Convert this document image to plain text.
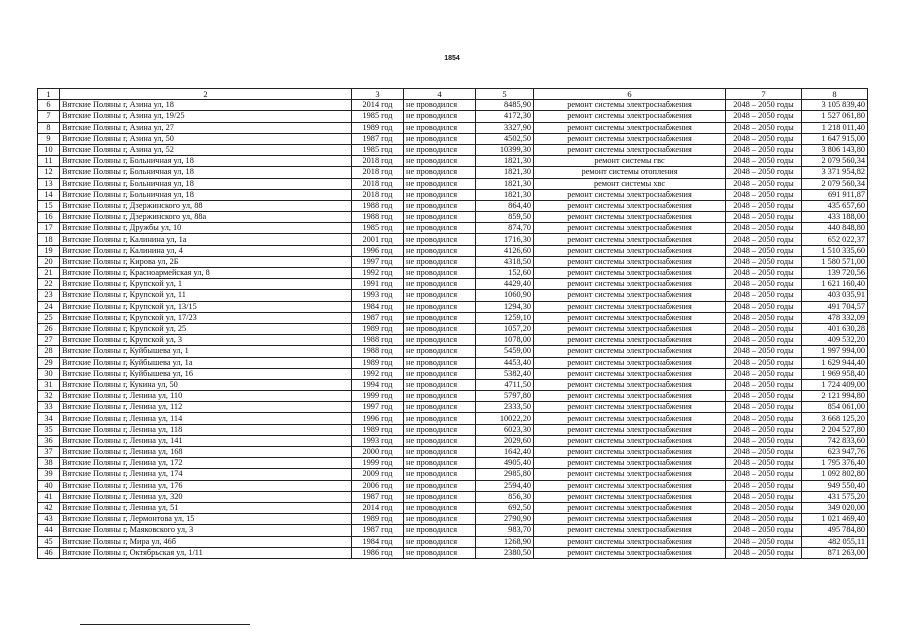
1854
1	2	3	4	5	6	7	8
6	Вятские Поляны г, Азина ул, 18	2014 год	не проводился	8485,90	ремонт системы электроснабжения	2048 – 2050 годы	3 105 839,40
7	Вятские Поляны г, Азина ул, 19/25	1985 год	не проводился	4172,30	ремонт системы электроснабжения	2048 – 2050 годы	1 527 061,80
8	Вятские Поляны г, Азина ул, 27	1989 год	не проводился	3327,90	ремонт системы электроснабжения	2048 – 2050 годы	1 218 011,40
9	Вятские Поляны г, Азина ул, 50	1987 год	не проводился	4502,50	ремонт системы электроснабжения	2048 – 2050 годы	1 647 915,00
10	Вятские Поляны г, Азина ул, 52	1985 год	не проводился	10399,30	ремонт системы электроснабжения	2048 – 2050 годы	3 806 143,80
11	Вятские Поляны г, Больничная ул, 18	2018 год	не проводился	1821,30	ремонт системы гвс	2048 – 2050 годы	2 079 560,34
12	Вятские Поляны г, Больничная ул, 18	2018 год	не проводился	1821,30	ремонт системы отопления	2048 – 2050 годы	3 371 954,82
13	Вятские Поляны г, Больничная ул, 18	2018 год	не проводился	1821,30	ремонт системы хвс	2048 – 2050 годы	2 079 560,34
14	Вятские Поляны г, Больничная ул, 18	2018 год	не проводился	1821,30	ремонт системы электроснабжения	2048 – 2050 годы	691 911,87
15	Вятские Поляны г, Дзержинского ул, 88	1988 год	не проводился	864,40	ремонт системы электроснабжения	2048 – 2050 годы	435 657,60
16	Вятские Поляны г, Дзержинского ул, 88а	1988 год	не проводился	859,50	ремонт системы электроснабжения	2048 – 2050 годы	433 188,00
17	Вятские Поляны г, Дружбы ул, 10	1985 год	не проводился	874,70	ремонт системы электроснабжения	2048 – 2050 годы	440 848,80
18	Вятские Поляны г, Калинина ул, 1а	2001 год	не проводился	1716,30	ремонт системы электроснабжения	2048 – 2050 годы	652 022,37
19	Вятские Поляны г, Калинина ул, 4	1996 год	не проводился	4126,60	ремонт системы электроснабжения	2048 – 2050 годы	1 510 335,60
20	Вятские Поляны г, Кирова ул, 2Б	1997 год	не проводился	4318,50	ремонт системы электроснабжения	2048 – 2050 годы	1 580 571,00
21	Вятские Поляны г, Красноармейская ул, 8	1992 год	не проводился	152,60	ремонт системы электроснабжения	2048 – 2050 годы	139 720,56
22	Вятские Поляны г, Крупской ул, 1	1991 год	не проводился	4429,40	ремонт системы электроснабжения	2048 – 2050 годы	1 621 160,40
23	Вятские Поляны г, Крупской ул, 11	1993 год	не проводился	1060,90	ремонт системы электроснабжения	2048 – 2050 годы	403 035,91
24	Вятские Поляны г, Крупской ул, 13/15	1984 год	не проводился	1294,30	ремонт системы электроснабжения	2048 – 2050 годы	491 704,57
25	Вятские Поляны г, Крупской ул, 17/23	1987 год	не проводился	1259,10	ремонт системы электроснабжения	2048 – 2050 годы	478 332,09
26	Вятские Поляны г, Крупской ул, 25	1989 год	не проводился	1057,20	ремонт системы электроснабжения	2048 – 2050 годы	401 630,28
27	Вятские Поляны г, Крупской ул, 3	1988 год	не проводился	1078,00	ремонт системы электроснабжения	2048 – 2050 годы	409 532,20
28	Вятские Поляны г, Куйбышева ул, 1	1988 год	не проводился	5459,00	ремонт системы электроснабжения	2048 – 2050 годы	1 997 994,00
29	Вятские Поляны г, Куйбышева ул, 1а	1989 год	не проводился	4453,40	ремонт системы электроснабжения	2048 – 2050 годы	1 629 944,40
30	Вятские Поляны г, Куйбышева ул, 16	1992 год	не проводился	5382,40	ремонт системы электроснабжения	2048 – 2050 годы	1 969 958,40
31	Вятские Поляны г, Кукина ул, 50	1994 год	не проводился	4711,50	ремонт системы электроснабжения	2048 – 2050 годы	1 724 409,00
32	Вятские Поляны г, Ленина ул, 110	1999 год	не проводился	5797,80	ремонт системы электроснабжения	2048 – 2050 годы	2 121 994,80
33	Вятские Поляны г, Ленина ул, 112	1997 год	не проводился	2333,50	ремонт системы электроснабжения	2048 – 2050 годы	854 061,00
34	Вятские Поляны г, Ленина ул, 114	1996 год	не проводился	10022,20	ремонт системы электроснабжения	2048 – 2050 годы	3 668 125,20
35	Вятские Поляны г, Ленина ул, 118	1989 год	не проводился	6023,30	ремонт системы электроснабжения	2048 – 2050 годы	2 204 527,80
36	Вятские Поляны г, Ленина ул, 141	1993 год	не проводился	2029,60	ремонт системы электроснабжения	2048 – 2050 годы	742 833,60
37	Вятские Поляны г, Ленина ул, 168	2000 год	не проводился	1642,40	ремонт системы электроснабжения	2048 – 2050 годы	623 947,76
38	Вятские Поляны г, Ленина ул, 172	1999 год	не проводился	4905,40	ремонт системы электроснабжения	2048 – 2050 годы	1 795 376,40
39	Вятские Поляны г, Ленина ул, 174	2009 год	не проводился	2985,80	ремонт системы электроснабжения	2048 – 2050 годы	1 092 802,80
40	Вятские Поляны г, Ленина ул, 176	2006 год	не проводился	2594,40	ремонт системы электроснабжения	2048 – 2050 годы	949 550,40
41	Вятские Поляны г, Ленина ул, 320	1987 год	не проводился	856,30	ремонт системы электроснабжения	2048 – 2050 годы	431 575,20
42	Вятские Поляны г, Ленина ул, 51	2014 год	не проводился	692,50	ремонт системы электроснабжения	2048 – 2050 годы	349 020,00
43	Вятские Поляны г, Лермонтова ул, 15	1989 год	не проводился	2790,90	ремонт системы электроснабжения	2048 – 2050 годы	1 021 469,40
44	Вятские Поляны г, Маяковского ул, 3	1987 год	не проводился	983,70	ремонт системы электроснабжения	2048 – 2050 годы	495 784,80
45	Вятские Поляны г, Мира ул, 46б	1984 год	не проводился	1268,90	ремонт системы электроснабжения	2048 – 2050 годы	482 055,11
46	Вятские Поляны г, Октябрьская ул, 1/11	1986 год	не проводился	2380,50	ремонт системы электроснабжения	2048 – 2050 годы	871 263,00
